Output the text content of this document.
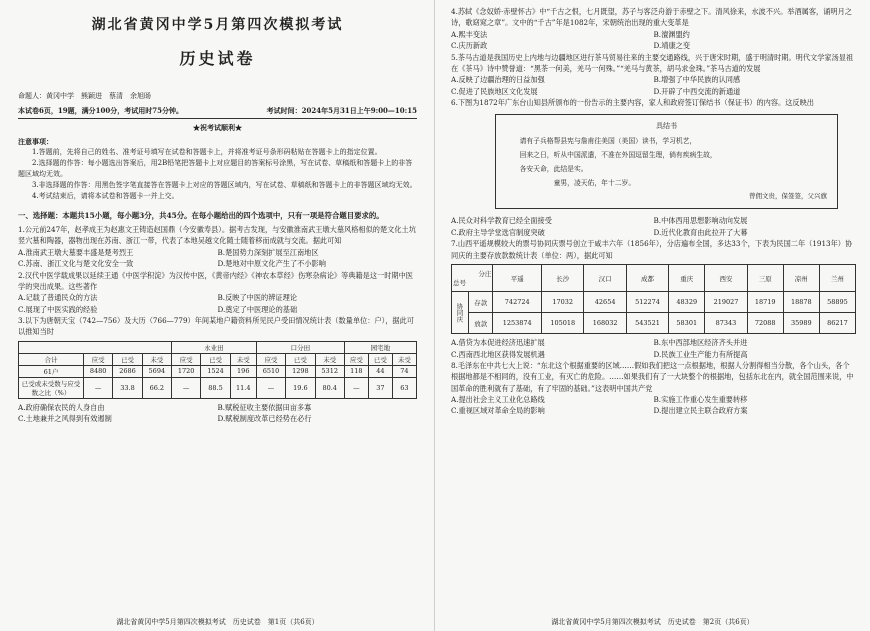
湖北省黄冈中学5月第四次模拟考试
历史试卷
命题人：黄冈中学　熊颖进　蔡清　余旭旸
本试卷6页，19题，满分100分，考试用时75分钟。	考试时间：2024年5月31日上午9:00—10:15
★祝考试顺利★

注意事项：

1.答题前，先将自己的姓名、准考证号填写在试卷和答题卡上，并将准考证号条形码粘贴在答题卡上的指定位置。

2.选择题的作答：每小题选出答案后，用2B铅笔把答题卡上对应题目的答案标号涂黑，写在试卷、草稿纸和答题卡上的非答题区域均无效。

3.非选择题的作答：用黑色签字笔直接答在答题卡上对应的答题区域内，写在试卷、草稿纸和答题卡上的非答题区域均无效。

4.考试结束后，请将本试卷和答题卡一并上交。

一、选择题：本题共15小题，每小题3分，共45分。在每小题给出的四个选项中，只有一项是符合题目要求的。

1.公元前247年，赵孝成王为赵惠文王铸造赵国鼎（今安徽寿县）。据考古发现，与安徽淮南武王墩大墓风格相似的楚文化土坑竖穴墓和陶器，器物出现在苏南、浙江一带，代表了本地吴越文化随士随着移而成就与交流。据此可知

A.淮南武王墩大墓要丰盛是楚考烈王	B.楚国势力深刻扩展至江南地区
C.苏南、浙江文化与楚文化安全一致	D.楚地对中原文化产生了不小影响

2.汉代中医学载成果以延续王通《中医学积淀》为汉传中医，《黄帝内经》《神农本草经》伤寒杂病论》等典籍是这一时期中医学的突出成果。这些著作

A.记载了普通民众的方法	B.反映了中医的辨证理论
C.展现了中医实践的经验	D.奠定了中医理论的基础

3.以下为唐朝天宝（742—756）及大历（766—779）年间某地户籍资料所见民户受田情况统计表（数量单位：户），据此可以推知当时

				永业田			口分田			园宅地		
合计	应受	已受	未受	应受	已受	未受	应受	已受	未受	应受	已受	未受
61户	8480	2686	5694	1720	1524	196	6510	1298	5312	118	44	74
已受或未受数与应受数之比（%）	—	33.8	66.2	—	88.5	11.4	—	19.6	80.4	—	37	63
A.政府确保农民的人身自由	B.赋税征收主要依据田亩多寡
C.土地兼并之风得到有效遏制	D.赋税制度改革已经势在必行
湖北省黄冈中学5月第四次模拟考试　历史试卷　第1页（共6页）

4.苏轼《念奴娇·赤壁怀古》中“千古之恨，七月既望，苏子与客泛舟游于赤壁之下。清风徐来，水波不兴。举酒属客，诵明月之诗，歌窈窕之章”。文中的“千古”年是1082年，宋朝统治出现的重大变革是

A.熙丰变法	B.澶渊盟约
C.庆历新政	D.靖康之变

5.茶马古道是我国历史上内地与边疆地区进行茶马贸易往来的主要交通路线，兴于唐宋时期，盛于明清时期。明代文学家汤显祖在《茶马》诗中赞誉道：“黑茶一何美，羌马一何殊。”“羌马与黄茶，胡马求金珠。”茶马古道的发展

A.反映了边疆治理的日益加强	B.增强了中华民族的认同感
C.促进了民族地区文化发展	D.开辟了中西交流的新通道

6.下图为1872年广东台山知县所颁布的一份告示的主要内容，家人和政府签订保结书（保证书）的内容。这反映出

具结书

请有子兵格帮县宪与詹甫往美国（美国）读书，学习机艺，

回来之日，听从中国派遣，不准在外国逗留生理，倘有疾病生故，

各安天命，此结是实。

　　　　　童男，凌天佑，年十二岁。

曾佣文贵，保签签，父兴旗
A.民众对科学教育已经全面接受	B.中体西用思想影响动向发展
C.政府主导学堂选官制度突破	D.近代化教育由此拉开了大幕

7.山西平遥规模较大的票号协同庆票号创立于咸丰六年（1856年），分店遍布全国，多达33个，下表为民国二年（1913年）协同庆的主要存放款数统计表（单位：两），据此可知

分庄
总号		平遥	长沙	汉口	成都	重庆	西安	三原	凉州	兰州
协同庆	存款	742724	17032	42654	512274	48329	219027	18719	18878	58895
	放款	1253874	105018	168032	543521	58301	87343	72088	35989	86217
A.借贷为本促进经济迅速扩展	B.东中西部地区经济齐头并进
C.西南西北地区获得发展机遇	D.民族工业生产能力有所提高

8.毛泽东在中共七大上说：“东北这个根据重要的区域……假如我们把这一点根据地，根据人分割得相当分散，各个山头，各个根据地都是不相同的，没有工业，有灭亡的危险。……如果我们有了一大块整个的根据地，包括东北在内，就全国范围来说，中国革命的胜利就有了基础，有了牢固的基础。”这表明中国共产党

A.提出社会主义工业化总路线	B.实施工作重心发生重要转移
C.重视区域对革命全局的影响	D.提出建立民主联合政府方案
湖北省黄冈中学5月第四次模拟考试　历史试卷　第2页（共6页）
